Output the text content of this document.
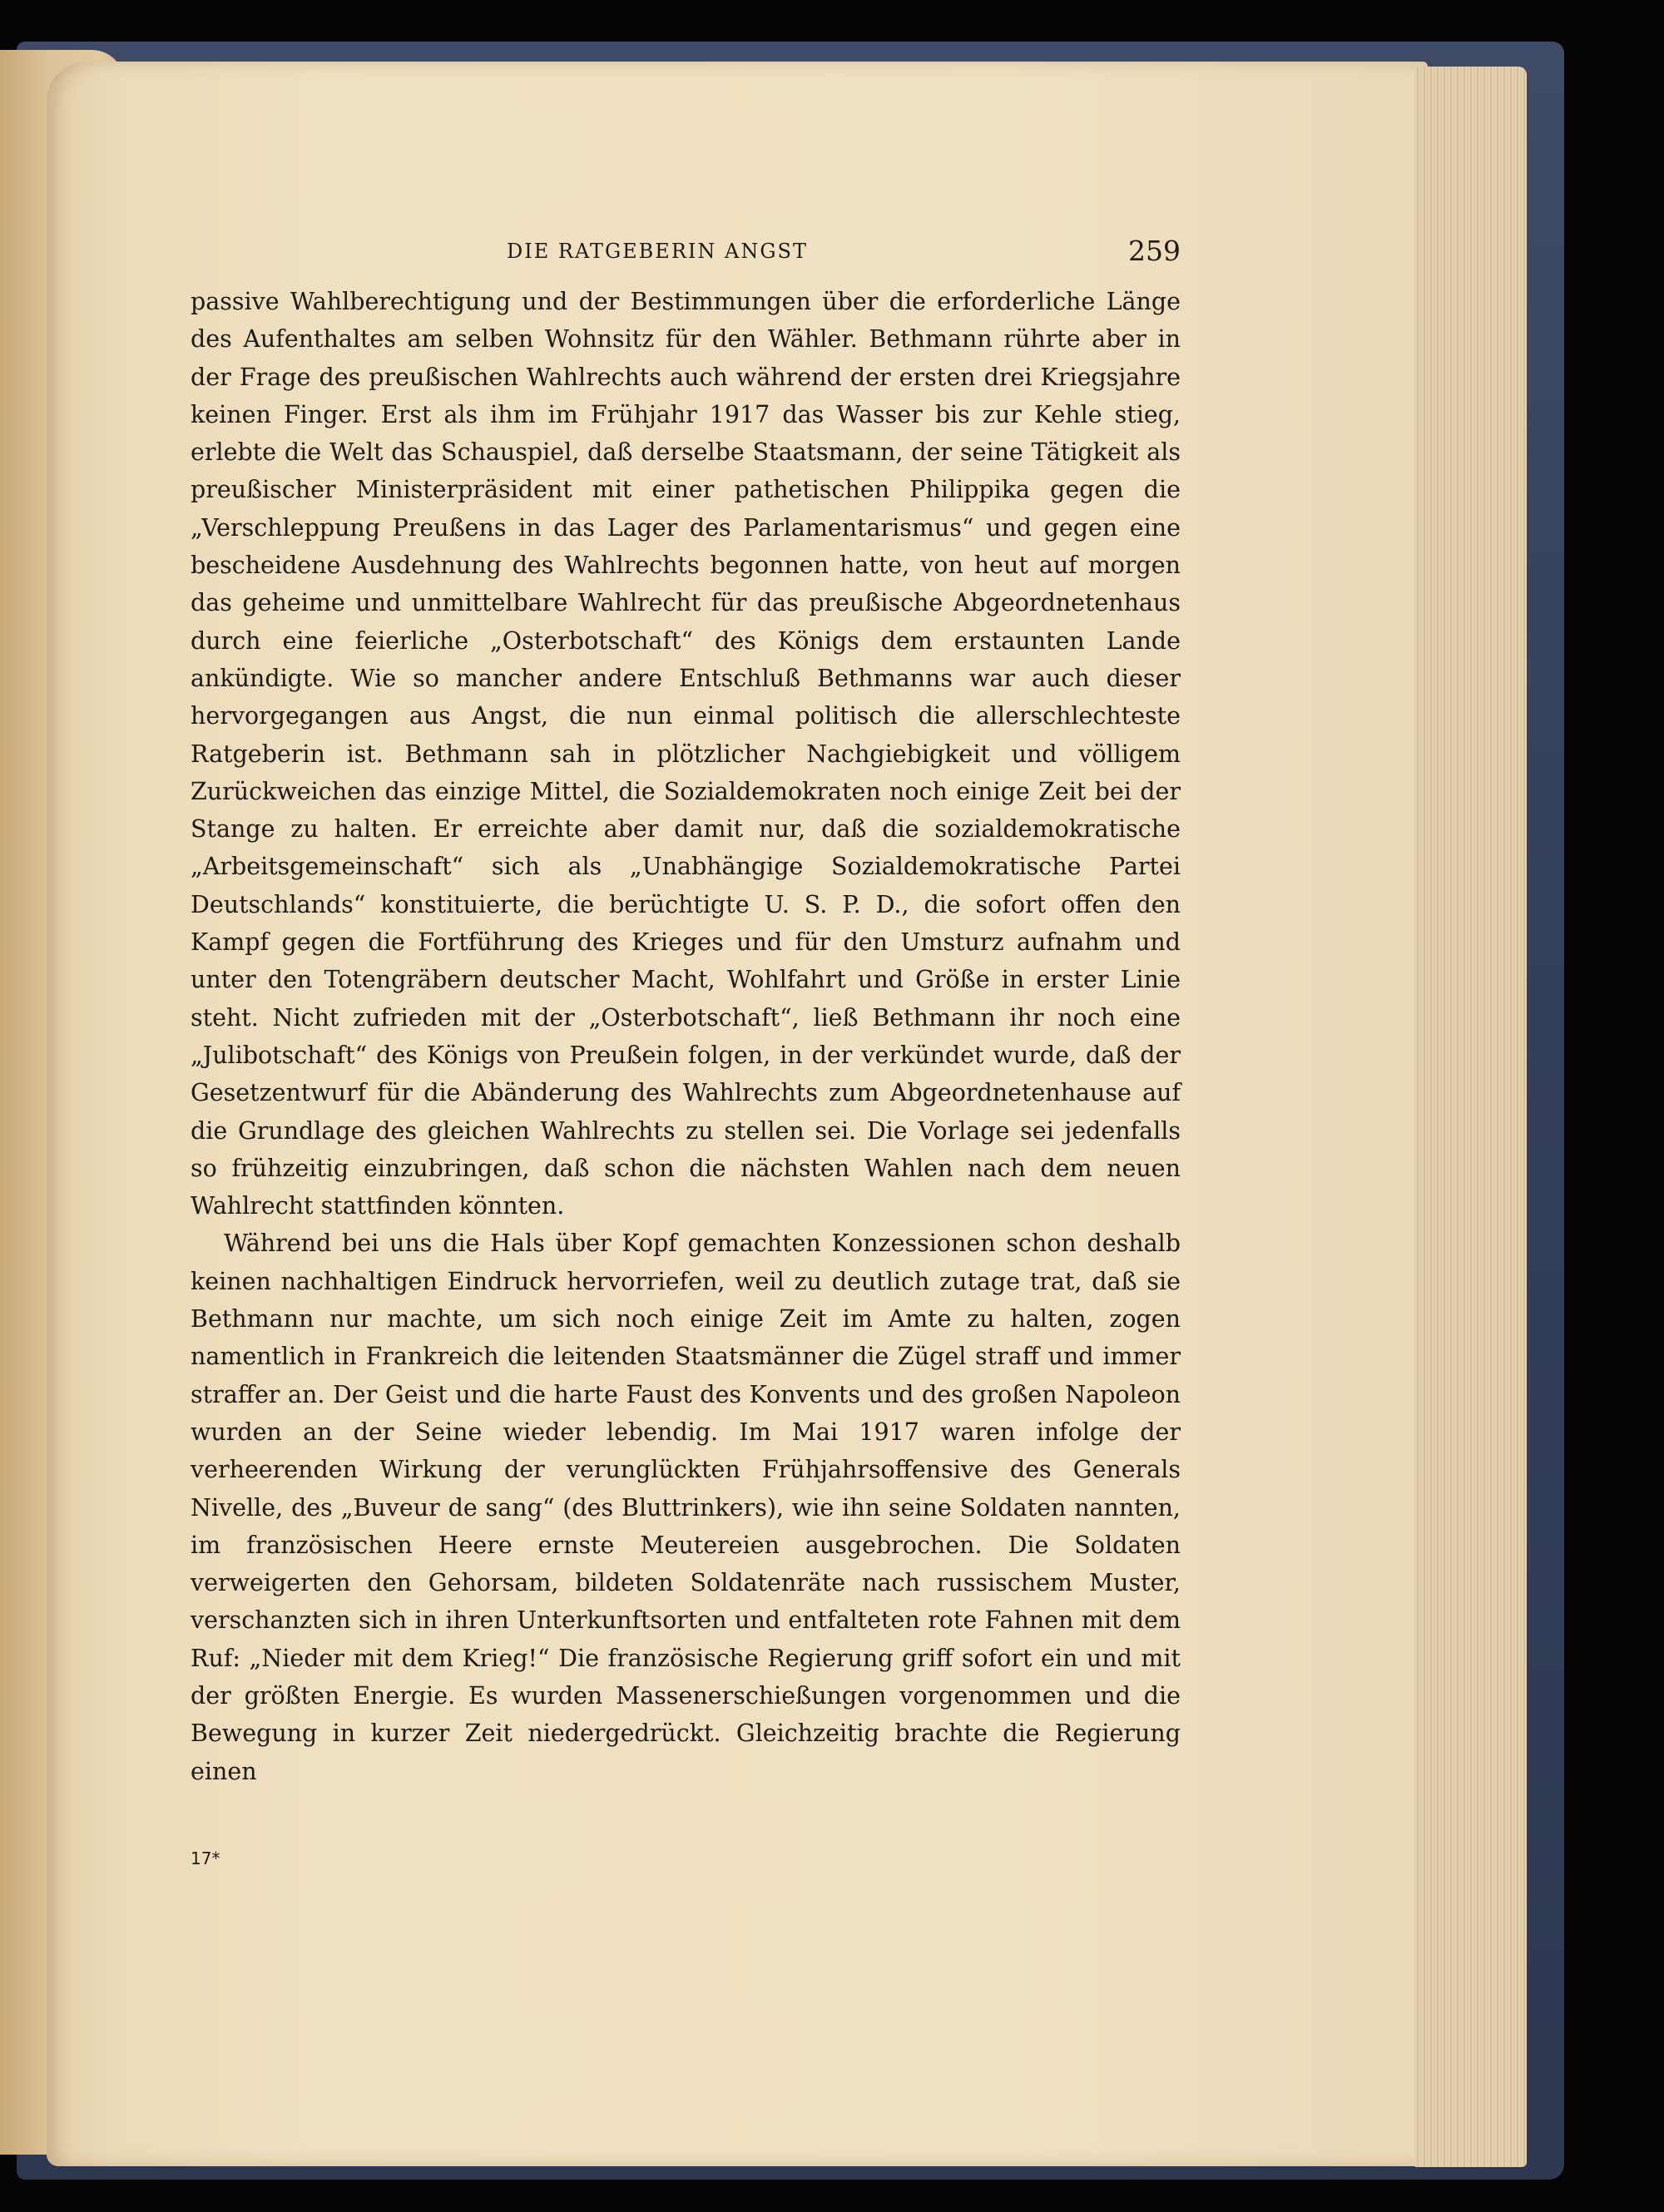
DIE RATGEBERIN ANGST	259

passive Wahlberechtigung und der Bestimmungen über die erforderliche Länge des Aufenthaltes am selben Wohnsitz für den Wähler. Bethmann rührte aber in der Frage des preußischen Wahlrechts auch während der ersten drei Kriegsjahre keinen Finger. Erst als ihm im Frühjahr 1917 das Wasser bis zur Kehle stieg, erlebte die Welt das Schauspiel, daß derselbe Staatsmann, der seine Tätigkeit als preußischer Ministerpräsident mit einer pathetischen Philippika gegen die „Verschleppung Preußens in das Lager des Parlamentarismus“ und gegen eine bescheidene Ausdehnung des Wahlrechts begonnen hatte, von heut auf morgen das geheime und unmittelbare Wahlrecht für das preußische Abgeordnetenhaus durch eine feierliche „Osterbotschaft“ des Königs dem erstaunten Lande ankündigte. Wie so mancher andere Entschluß Bethmanns war auch dieser hervorgegangen aus Angst, die nun einmal politisch die allerschlechteste Ratgeberin ist. Bethmann sah in plötzlicher Nachgiebigkeit und völligem Zurückweichen das einzige Mittel, die Sozialdemokraten noch einige Zeit bei der Stange zu halten. Er erreichte aber damit nur, daß die sozialdemokratische „Arbeitsgemeinschaft“ sich als „Unabhängige Sozialdemokratische Partei Deutschlands“ konstituierte, die berüchtigte U. S. P. D., die sofort offen den Kampf gegen die Fortführung des Krieges und für den Umsturz aufnahm und unter den Totengräbern deutscher Macht, Wohlfahrt und Größe in erster Linie steht. Nicht zufrieden mit der „Osterbotschaft“, ließ Bethmann ihr noch eine „Julibotschaft“ des Königs von Preußein folgen, in der verkündet wurde, daß der Gesetzentwurf für die Abänderung des Wahlrechts zum Abgeordnetenhause auf die Grundlage des gleichen Wahlrechts zu stellen sei. Die Vorlage sei jedenfalls so frühzeitig einzubringen, daß schon die nächsten Wahlen nach dem neuen Wahlrecht stattfinden könnten.

Während bei uns die Hals über Kopf gemachten Konzessionen schon deshalb keinen nachhaltigen Eindruck hervorriefen, weil zu deutlich zutage trat, daß sie Bethmann nur machte, um sich noch einige Zeit im Amte zu halten, zogen namentlich in Frankreich die leitenden Staatsmänner die Zügel straff und immer straffer an. Der Geist und die harte Faust des Konvents und des großen Napoleon wurden an der Seine wieder lebendig. Im Mai 1917 waren infolge der verheerenden Wirkung der verunglückten Frühjahrsoffensive des Generals Nivelle, des „Buveur de sang“ (des Bluttrinkers), wie ihn seine Soldaten nannten, im französischen Heere ernste Meutereien ausgebrochen. Die Soldaten verweigerten den Gehorsam, bildeten Soldatenräte nach russischem Muster, verschanzten sich in ihren Unterkunftsorten und entfalteten rote Fahnen mit dem Ruf: „Nieder mit dem Krieg!“ Die französische Regierung griff sofort ein und mit der größten Energie. Es wurden Massenerschießungen vorgenommen und die Bewegung in kurzer Zeit niedergedrückt. Gleichzeitig brachte die Regierung einen

17*
